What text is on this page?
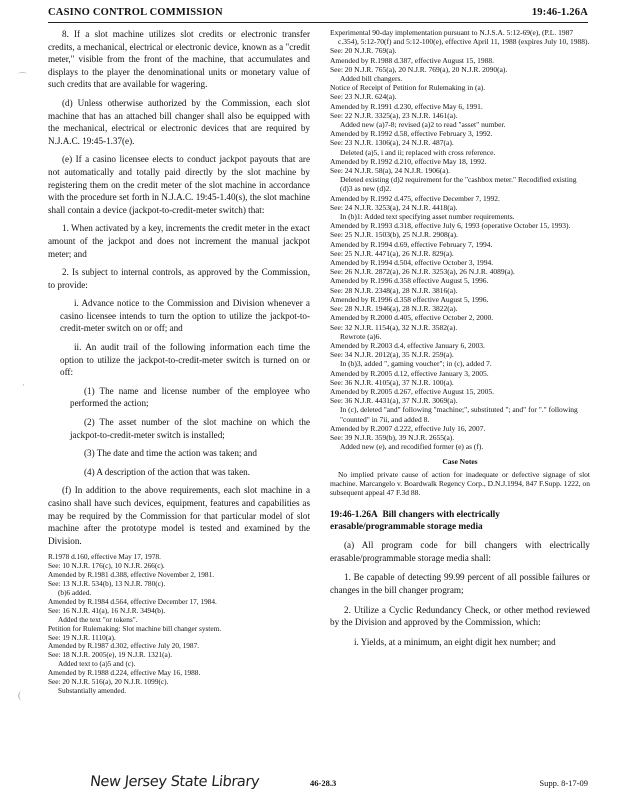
CASINO CONTROL COMMISSION	19:46-1.26A
⌒
·
(

8. If a slot machine utilizes slot credits or electronic transfer credits, a mechanical, electrical or electronic device, known as a "credit meter," visible from the front of the machine, that accumulates and displays to the player the denominational units or monetary value of such credits that are available for wagering.

(d) Unless otherwise authorized by the Commission, each slot machine that has an attached bill changer shall also be equipped with the mechanical, electrical or electronic devices that are required by N.J.A.C. 19:45-1.37(e).

(e) If a casino licensee elects to conduct jackpot payouts that are not automatically and totally paid directly by the slot machine by registering them on the credit meter of the slot machine in accordance with the procedure set forth in N.J.A.C. 19:45-1.40(s), the slot machine shall contain a device (jackpot-to-credit-meter switch) that:

1. When activated by a key, increments the credit meter in the exact amount of the jackpot and does not increment the manual jackpot meter; and

2. Is subject to internal controls, as approved by the Commission, to provide:

i. Advance notice to the Commission and Division whenever a casino licensee intends to turn the option to utilize the jackpot-to-credit-meter switch on or off; and

ii. An audit trail of the following information each time the option to utilize the jackpot-to-credit-meter switch is turned on or off:

(1) The name and license number of the employee who performed the action;

(2) The asset number of the slot machine on which the jackpot-to-credit-meter switch is installed;

(3) The date and time the action was taken; and

(4) A description of the action that was taken.

(f) In addition to the above requirements, each slot machine in a casino shall have such devices, equipment, features and capabilities as may be required by the Commission for that particular model of slot machine after the prototype model is tested and examined by the Division.

R.1978 d.160, effective May 17, 1978.
See: 10 N.J.R. 176(c), 10 N.J.R. 266(c).
Amended by R.1981 d.388, effective November 2, 1981.
See: 13 N.J.R. 534(b), 13 N.J.R. 780(c).
(b)6 added.
Amended by R.1984 d.564, effective December 17, 1984.
See: 16 N.J.R. 41(a), 16 N.J.R. 3494(b).
Added the text "or tokens".
Petition for Rulemaking: Slot machine bill changer system.
See: 19 N.J.R. 1110(a).
Amended by R.1987 d.302, effective July 20, 1987.
See: 18 N.J.R. 2005(e), 19 N.J.R. 1321(a).
Added text to (a)5 and (c).
Amended by R.1988 d.224, effective May 16, 1988.
See: 20 N.J.R. 516(a), 20 N.J.R. 1099(c).
Substantially amended.
Experimental 90-day implementation pursuant to N.J.S.A. 5:12-69(e), (P.L. 1987 c.354), 5:12-70(f) and 5:12-100(e), effective April 11, 1988 (expires July 10, 1988).
See: 20 N.J.R. 769(a).
Amended by R.1988 d.387, effective August 15, 1988.
See: 20 N.J.R. 765(a), 20 N.J.R. 769(a), 20 N.J.R. 2090(a).
Added bill changers.
Notice of Receipt of Petition for Rulemaking in (a).
See: 23 N.J.R. 624(a).
Amended by R.1991 d.230, effective May 6, 1991.
See: 22 N.J.R. 3325(a), 23 N.J.R. 1461(a).
Added new (a)7-8; revised (a)2 to read "asset" number.
Amended by R.1992 d.58, effective February 3, 1992.
See: 23 N.J.R. 1306(a), 24 N.J.R. 487(a).
Deleted (a)5, i and ii; replaced with cross reference.
Amended by R.1992 d.210, effective May 18, 1992.
See: 24 N.J.R. 58(a), 24 N.J.R. 1906(a).
Deleted existing (d)2 requirement for the "cashbox meter." Recodified existing (d)3 as new (d)2.
Amended by R.1992 d.475, effective December 7, 1992.
See: 24 N.J.R. 3253(a), 24 N.J.R. 4418(a).
In (b)1: Added text specifying asset number requirements.
Amended by R.1993 d.318, effective July 6, 1993 (operative October 15, 1993).
See: 25 N.J.R. 1503(b), 25 N.J.R. 2908(a).
Amended by R.1994 d.69, effective February 7, 1994.
See: 25 N.J.R. 4471(a), 26 N.J.R. 829(a).
Amended by R.1994 d.504, effective October 3, 1994.
See: 26 N.J.R. 2872(a), 26 N.J.R. 3253(a), 26 N.J.R. 4089(a).
Amended by R.1996 d.358 effective August 5, 1996.
See: 28 N.J.R. 2348(a), 28 N.J.R. 3816(a).
Amended by R.1996 d.358 effective August 5, 1996.
See: 28 N.J.R. 1946(a), 28 N.J.R. 3822(a).
Amended by R.2000 d.405, effective October 2, 2000.
See: 32 N.J.R. 1154(a), 32 N.J.R. 3582(a).
Rewrote (a)6.
Amended by R.2003 d.4, effective January 6, 2003.
See: 34 N.J.R. 2012(a), 35 N.J.R. 259(a).
In (b)3, added ", gaming voucher"; in (c), added 7.
Amended by R.2005 d.12, effective January 3, 2005.
See: 36 N.J.R. 4105(a), 37 N.J.R. 100(a).
Amended by R.2005 d.267, effective August 15, 2005.
See: 36 N.J.R. 4431(a), 37 N.J.R. 3069(a).
In (c), deleted "and" following "machine;", substituted "; and" for "." following "counted" in 7ii, and added 8.
Amended by R.2007 d.222, effective July 16, 2007.
See: 39 N.J.R. 359(b), 39 N.J.R. 2655(a).
Added new (e), and recodified former (e) as (f).
Case Notes
No implied private cause of action for inadequate or defective signage of slot machine. Marcangelo v. Boardwalk Regency Corp., D.N.J.1994, 847 F.Supp. 1222, on subsequent appeal 47 F.3d 88.
19:46-1.26A Bill changers with electrically erasable/programmable storage media

(a) All program code for bill changers with electrically erasable/programmable storage media shall:

1. Be capable of detecting 99.99 percent of all possible failures or changes in the bill changer program;

2. Utilize a Cyclic Redundancy Check, or other method reviewed by the Division and approved by the Commission, which:

i. Yields, at a minimum, an eight digit hex number; and

New Jersey State Library	46-28.3	Supp. 8-17-09
